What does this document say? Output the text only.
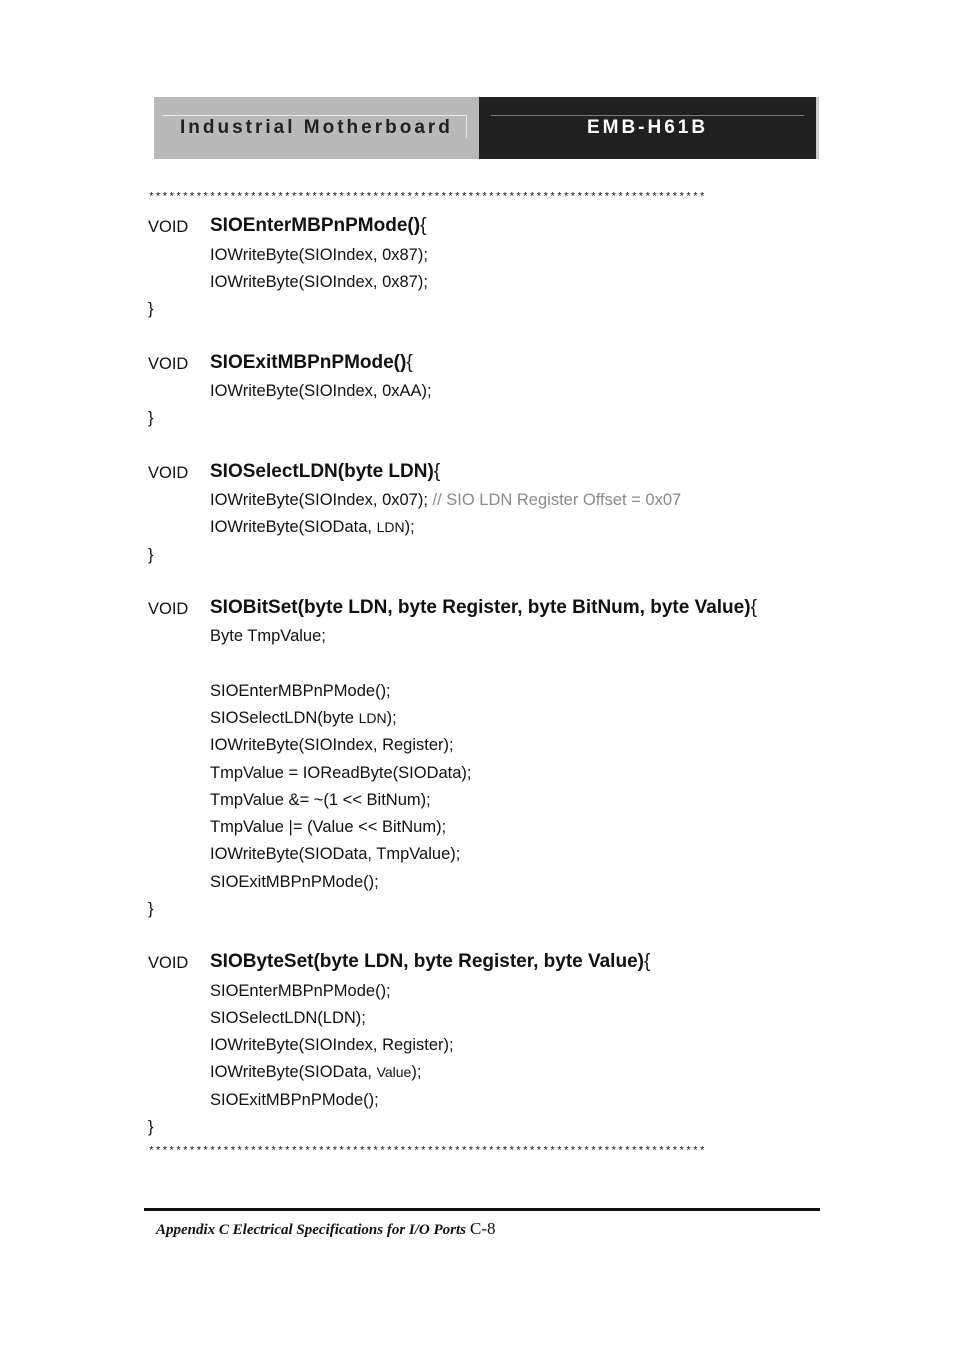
Industrial Motherboard	EMB-H61B
**********************************************************************************
VOID SIOEnterMBPnPMode(){
IOWriteByte(SIOIndex, 0x87);
IOWriteByte(SIOIndex, 0x87);
}
VOID SIOExitMBPnPMode(){
IOWriteByte(SIOIndex, 0xAA);
}
VOID SIOSelectLDN(byte LDN){
IOWriteByte(SIOIndex, 0x07); // SIO LDN Register Offset = 0x07
IOWriteByte(SIOData, LDN);
}
VOID SIOBitSet(byte LDN, byte Register, byte BitNum, byte Value){
Byte TmpValue;
SIOEnterMBPnPMode();
SIOSelectLDN(byte LDN);
IOWriteByte(SIOIndex, Register);
TmpValue = IOReadByte(SIOData);
TmpValue &= ~(1 << BitNum);
TmpValue |= (Value << BitNum);
IOWriteByte(SIOData, TmpValue);
SIOExitMBPnPMode();
}
VOID SIOByteSet(byte LDN, byte Register, byte Value){
SIOEnterMBPnPMode();
SIOSelectLDN(LDN);
IOWriteByte(SIOIndex, Register);
IOWriteByte(SIOData, Value);
SIOExitMBPnPMode();
}
**********************************************************************************
Appendix C Electrical Specifications for I/O Ports C-8
